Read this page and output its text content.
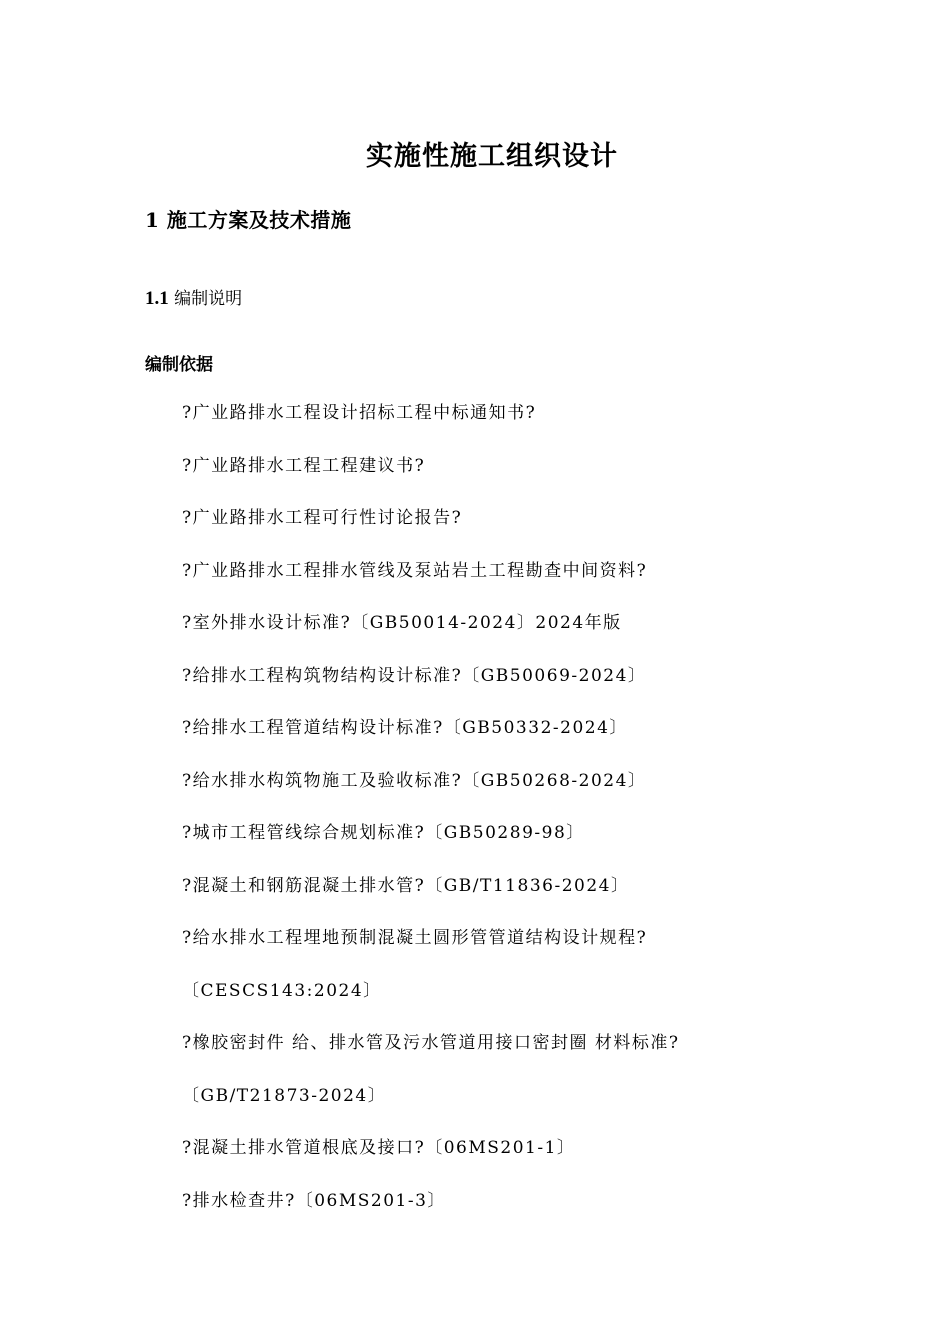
实施性施工组织设计
1 施工方案及技术措施
1.1 编制说明
编制依据
?广业路排水工程设计招标工程中标通知书?
?广业路排水工程工程建议书?
?广业路排水工程可行性讨论报告?
?广业路排水工程排水管线及泵站岩土工程勘查中间资料?
?室外排水设计标准?〔GB50014-2024〕2024年版
?给排水工程构筑物结构设计标准?〔GB50069-2024〕
?给排水工程管道结构设计标准?〔GB50332-2024〕
?给水排水构筑物施工及验收标准?〔GB50268-2024〕
?城市工程管线综合规划标准?〔GB50289-98〕
?混凝土和钢筋混凝土排水管?〔GB/T11836-2024〕
?给水排水工程埋地预制混凝土圆形管管道结构设计规程?
〔CESCS143:2024〕
?橡胶密封件 给、排水管及污水管道用接口密封圈 材料标准?
〔GB/T21873-2024〕
?混凝土排水管道根底及接口?〔06MS201-1〕
?排水检查井?〔06MS201-3〕
